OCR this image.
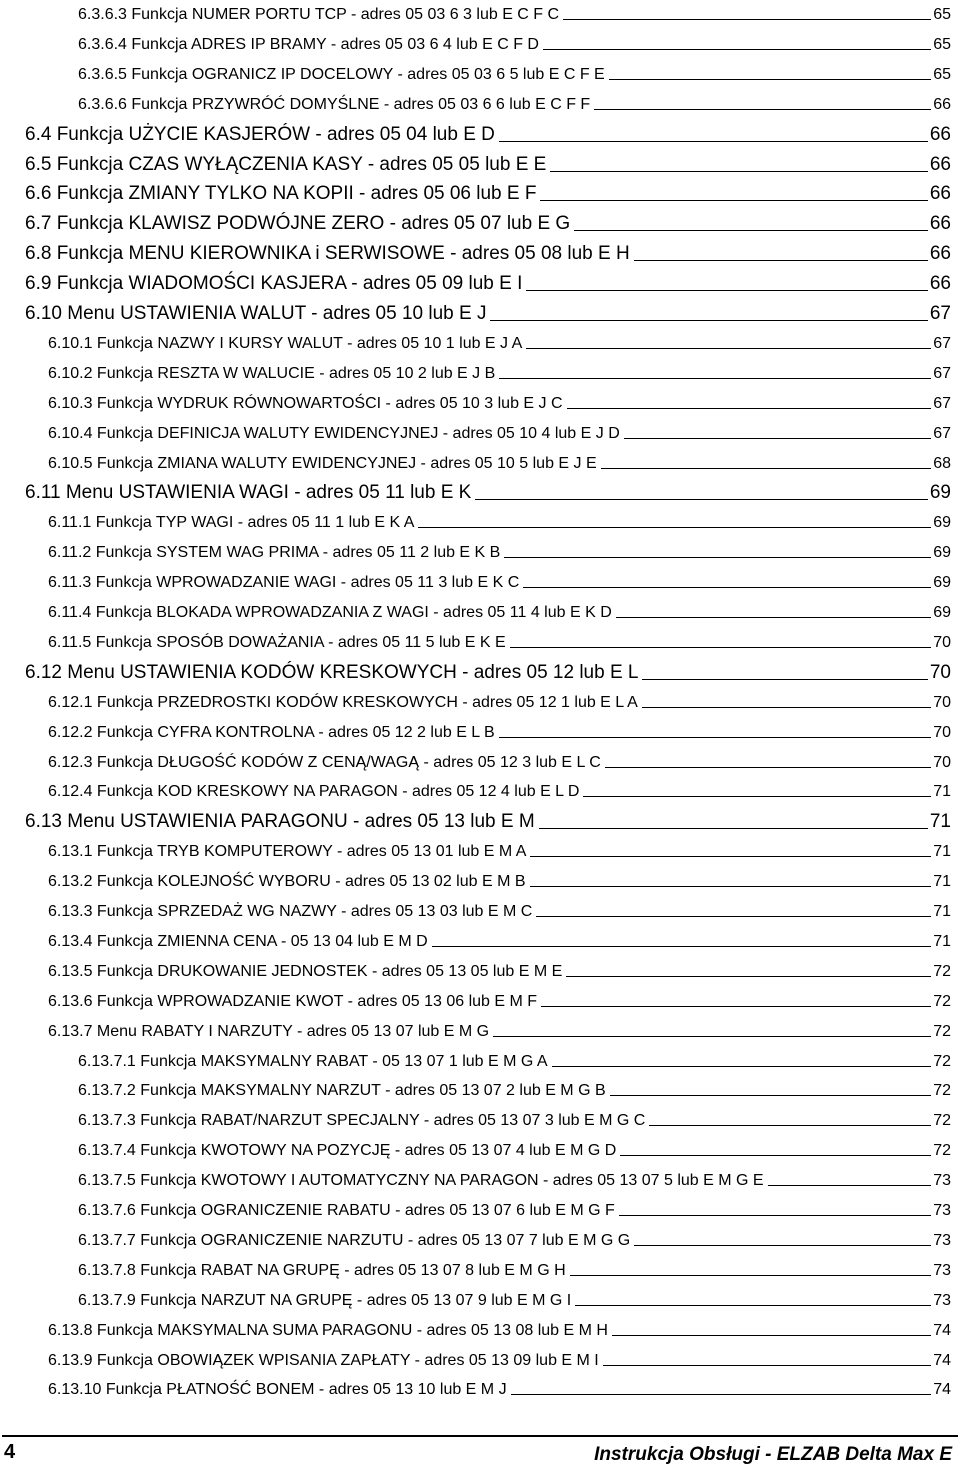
6.3.6.3 Funkcja NUMER PORTU TCP - adres 05 03 6 3 lub E C F C	65
6.3.6.4 Funkcja ADRES IP BRAMY - adres 05 03 6 4 lub E C F D	65
6.3.6.5 Funkcja OGRANICZ IP DOCELOWY - adres 05 03 6 5 lub E C F E	65
6.3.6.6 Funkcja PRZYWRÓĆ DOMYŚLNE - adres 05 03 6 6 lub E C F F	66
6.4 Funkcja UŻYCIE KASJERÓW - adres 05 04 lub E D	66
6.5 Funkcja CZAS WYŁĄCZENIA KASY - adres 05 05 lub E E	66
6.6 Funkcja ZMIANY TYLKO NA KOPII - adres 05 06 lub E F	66
6.7 Funkcja KLAWISZ PODWÓJNE ZERO - adres 05 07 lub E G	66
6.8 Funkcja MENU KIEROWNIKA i SERWISOWE - adres 05 08 lub E H	66
6.9 Funkcja WIADOMOŚCI KASJERA - adres 05 09 lub E I	66
6.10 Menu USTAWIENIA WALUT - adres 05 10 lub E J	67
6.10.1 Funkcja NAZWY I KURSY WALUT - adres 05 10 1 lub E J A	67
6.10.2 Funkcja RESZTA W WALUCIE - adres 05 10 2 lub E J B	67
6.10.3 Funkcja WYDRUK RÓWNOWARTOŚCI - adres 05 10 3 lub E J C	67
6.10.4 Funkcja DEFINICJA WALUTY EWIDENCYJNEJ - adres 05 10 4 lub E J D	67
6.10.5 Funkcja ZMIANA WALUTY EWIDENCYJNEJ - adres 05 10 5 lub E J E	68
6.11 Menu USTAWIENIA WAGI - adres 05 11 lub E K	69
6.11.1 Funkcja TYP WAGI - adres 05 11 1 lub E K A	69
6.11.2 Funkcja SYSTEM WAG PRIMA - adres 05 11 2 lub E K B	69
6.11.3 Funkcja WPROWADZANIE WAGI - adres 05 11 3 lub E K C	69
6.11.4 Funkcja BLOKADA WPROWADZANIA Z WAGI - adres 05 11 4 lub E K D	69
6.11.5 Funkcja SPOSÓB DOWAŻANIA - adres 05 11 5 lub E K E	70
6.12 Menu USTAWIENIA KODÓW KRESKOWYCH - adres 05 12 lub E L	70
6.12.1 Funkcja PRZEDROSTKI KODÓW KRESKOWYCH - adres 05 12 1 lub E L A	70
6.12.2 Funkcja CYFRA KONTROLNA - adres 05 12 2 lub E L B	70
6.12.3 Funkcja DŁUGOŚĆ KODÓW Z CENĄ/WAGĄ - adres 05 12 3 lub E L C	70
6.12.4 Funkcja KOD KRESKOWY NA PARAGON - adres 05 12 4 lub E L D	71
6.13 Menu USTAWIENIA PARAGONU - adres 05 13 lub E M	71
6.13.1 Funkcja TRYB KOMPUTEROWY - adres 05 13 01 lub E M A	71
6.13.2 Funkcja KOLEJNOŚĆ WYBORU - adres 05 13 02 lub E M B	71
6.13.3 Funkcja SPRZEDAŻ WG NAZWY - adres 05 13 03 lub E M C	71
6.13.4 Funkcja ZMIENNA CENA - 05 13 04 lub E M D	71
6.13.5 Funkcja DRUKOWANIE JEDNOSTEK - adres 05 13 05 lub E M E	72
6.13.6 Funkcja WPROWADZANIE KWOT - adres 05 13 06 lub E M F	72
6.13.7 Menu RABATY I NARZUTY - adres 05 13 07 lub E M G	72
6.13.7.1 Funkcja MAKSYMALNY RABAT - 05 13 07 1 lub E M G A	72
6.13.7.2 Funkcja MAKSYMALNY NARZUT - adres 05 13 07 2 lub E M G B	72
6.13.7.3 Funkcja RABAT/NARZUT SPECJALNY - adres 05 13 07 3 lub E M G C	72
6.13.7.4 Funkcja KWOTOWY NA POZYCJĘ - adres 05 13 07 4 lub E M G D	72
6.13.7.5 Funkcja KWOTOWY I AUTOMATYCZNY NA PARAGON - adres 05 13 07 5 lub E M G E	73
6.13.7.6 Funkcja OGRANICZENIE RABATU - adres 05 13 07 6 lub E M G F	73
6.13.7.7 Funkcja OGRANICZENIE NARZUTU - adres 05 13 07 7 lub E M G G	73
6.13.7.8 Funkcja RABAT NA GRUPĘ - adres 05 13 07 8 lub E M G H	73
6.13.7.9 Funkcja NARZUT NA GRUPĘ - adres 05 13 07 9 lub E M G I	73
6.13.8 Funkcja MAKSYMALNA SUMA PARAGONU - adres 05 13 08 lub E M H	74
6.13.9 Funkcja OBOWIĄZEK WPISANIA ZAPŁATY - adres 05 13 09 lub E M I	74
6.13.10 Funkcja PŁATNOŚĆ BONEM - adres 05 13 10 lub E M J	74
4	Instrukcja Obsługi - ELZAB Delta Max E
